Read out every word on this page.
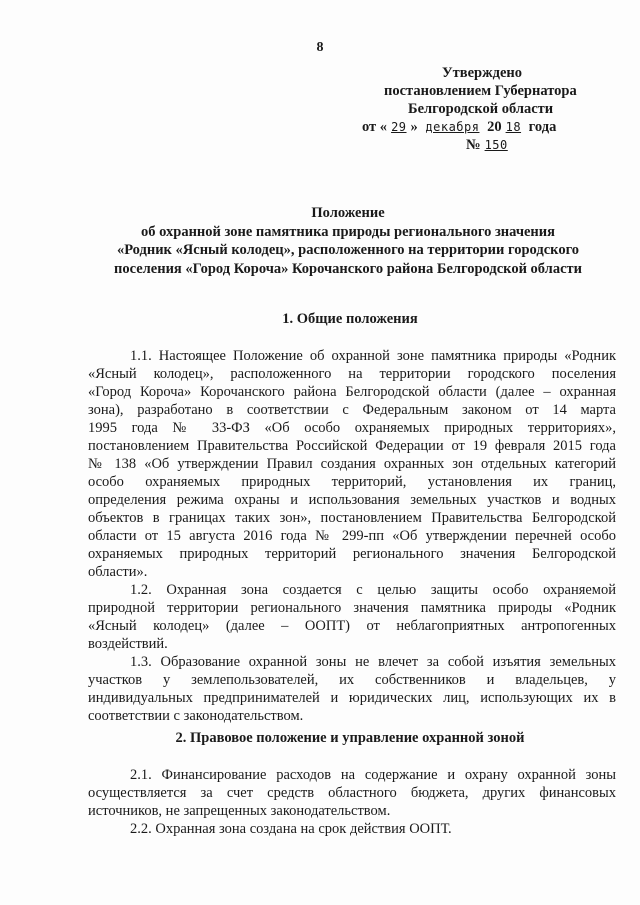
8
Утверждено
постановлением Губернатора
Белгородской области
от « 29 » декабря 20 18 года
№ 150
Положение
об охранной зоне памятника природы регионального значения
«Родник «Ясный колодец», расположенного на территории городского
поселения «Город Короча» Корочанского района Белгородской области
1. Общие положения
1.1. Настоящее Положение об охранной зоне памятника природы «Родник
«Ясный колодец», расположенного на территории городского поселения
«Город Короча» Корочанского района Белгородской области (далее – охранная
зона), разработано в соответствии с Федеральным законом от 14 марта
1995 года № 33-ФЗ «Об особо охраняемых природных территориях»,
постановлением Правительства Российской Федерации от 19 февраля 2015 года
№ 138 «Об утверждении Правил создания охранных зон отдельных категорий
особо охраняемых природных территорий, установления их границ,
определения режима охраны и использования земельных участков и водных
объектов в границах таких зон», постановлением Правительства Белгородской
области от 15 августа 2016 года № 299-пп «Об утверждении перечней особо
охраняемых природных территорий регионального значения Белгородской
области».
1.2. Охранная зона создается с целью защиты особо охраняемой
природной территории регионального значения памятника природы «Родник
«Ясный колодец» (далее – ООПТ) от неблагоприятных антропогенных
воздействий.
1.3. Образование охранной зоны не влечет за собой изъятия земельных
участков у землепользователей, их собственников и владельцев, у
индивидуальных предпринимателей и юридических лиц, использующих их в
соответствии с законодательством.
2. Правовое положение и управление охранной зоной
2.1. Финансирование расходов на содержание и охрану охранной зоны
осуществляется за счет средств областного бюджета, других финансовых
источников, не запрещенных законодательством.
2.2. Охранная зона создана на срок действия ООПТ.
